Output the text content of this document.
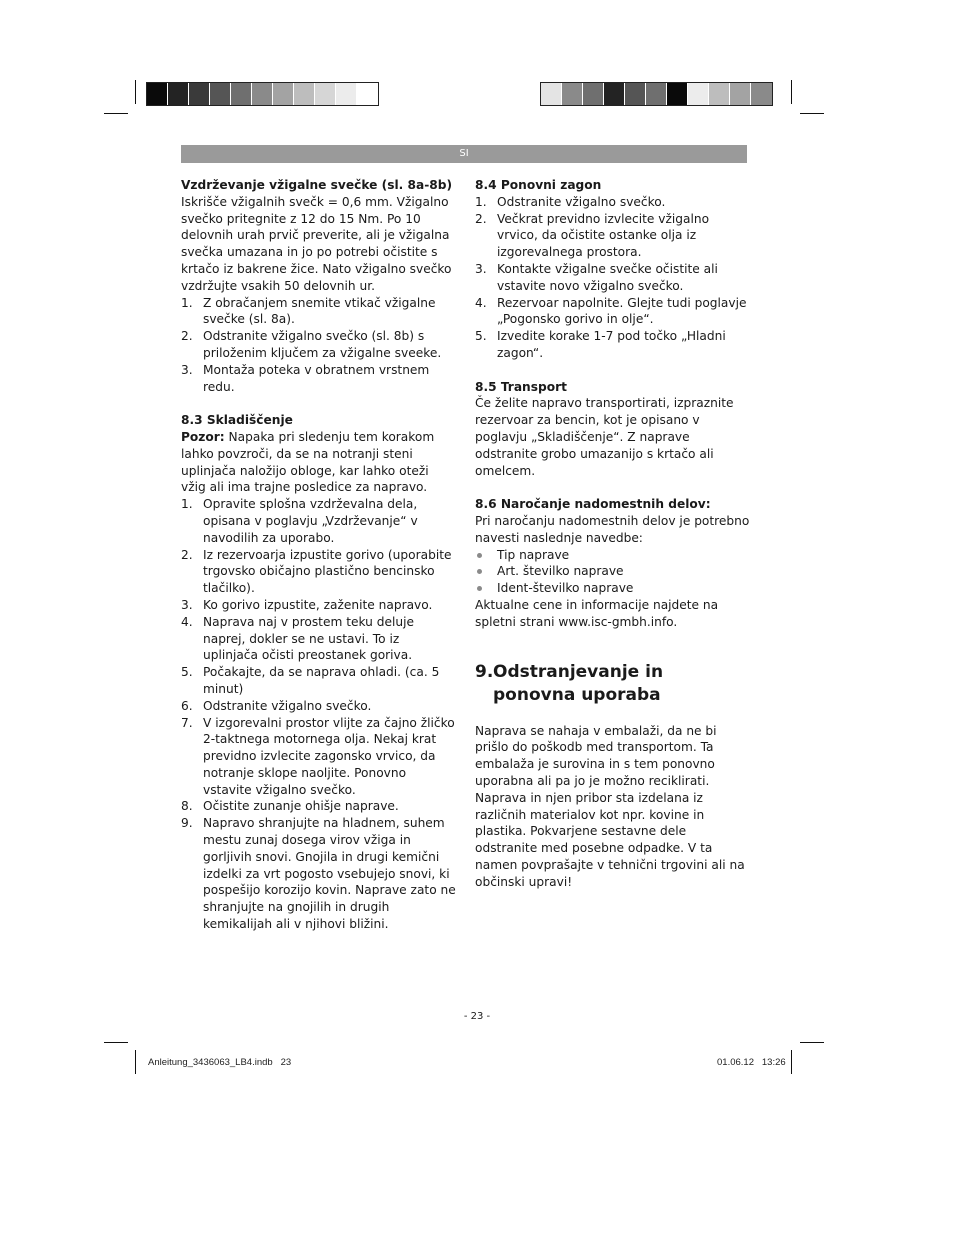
SI
Vzdrževanje vžigalne svečke (sl. 8a-8b)

Iskrišče vžigalnih svečk = 0,6 mm. Vžigalno svečko pritegnite z 12 do 15 Nm. Po 10 delovnih urah prvič preverite, ali je vžigalna svečka umazana in jo po potrebi očistite s krtačo iz bakrene žice. Nato vžigalno svečko vzdržujte vsakih 50 delovnih ur.

1. Z obračanjem snemite vtikač vžigalne svečke (sl. 8a).
2. Odstranite vžigalno svečko (sl. 8b) s priloženim ključem za vžigalne sveeke.
3. Montaža poteka v obratnem vrstnem redu.
8.3 Skladiščenje

Pozor: Napaka pri sledenju tem korakom lahko povzroči, da se na notranji steni uplinjača naložijo obloge, kar lahko oteži vžig ali ima trajne posledice za napravo.

1. Opravite splošna vzdrževalna dela, opisana v poglavju „Vzdrževanje“ v navodilih za uporabo.
2. Iz rezervoarja izpustite gorivo (uporabite trgovsko običajno plastično bencinsko tlačilko).
3. Ko gorivo izpustite, zaženite napravo.
4. Naprava naj v prostem teku deluje naprej, dokler se ne ustavi. To iz uplinjača očisti preostanek goriva.
5. Počakajte, da se naprava ohladi. (ca. 5 minut)
6. Odstranite vžigalno svečko.
7. V izgorevalni prostor vlijte za čajno žličko 2-taktnega motornega olja. Nekaj krat previdno izvlecite zagonsko vrvico, da notranje sklope naoljite. Ponovno vstavite vžigalno svečko.
8. Očistite zunanje ohišje naprave.
9. Napravo shranjujte na hladnem, suhem mestu zunaj dosega virov vžiga in gorljivih snovi. Gnojila in drugi kemični izdelki za vrt pogosto vsebujejo snovi, ki pospešijo korozijo kovin. Naprave zato ne shranjujte na gnojilih in drugih kemikalijah ali v njihovi bližini.
8.4 Ponovni zagon
1. Odstranite vžigalno svečko.
2. Večkrat previdno izvlecite vžigalno vrvico, da očistite ostanke olja iz izgorevalnega prostora.
3. Kontakte vžigalne svečke očistite ali vstavite novo vžigalno svečko.
4. Rezervoar napolnite. Glejte tudi poglavje „Pogonsko gorivo in olje“.
5. Izvedite korake 1-7 pod točko „Hladni zagon“.
8.5 Transport

Če želite napravo transportirati, izpraznite rezervoar za bencin, kot je opisano v poglavju „Skladiščenje“. Z naprave odstranite grobo umazanijo s krtačo ali omelcem.

8.6 Naročanje nadomestnih delov:

Pri naročanju nadomestnih delov je potrebno navesti naslednje navedbe:

Tip naprave
Art. številko naprave
Ident-številko naprave

Aktualne cene in informacije najdete na spletni strani www.isc-gmbh.info.

9. Odstranjevanje in ponovna uporaba

Naprava se nahaja v embalaži, da ne bi prišlo do poškodb med transportom. Ta embalaža je surovina in s tem ponovno uporabna ali pa jo je možno reciklirati. Naprava in njen pribor sta izdelana iz različnih materialov kot npr. kovine in plastika. Pokvarjene sestavne dele odstranite med posebne odpadke. V ta namen povprašajte v tehnični trgovini ali na občinski upravi!

- 23 -
Anleitung_3436063_LB4.indb   23	01.06.12   13:26
